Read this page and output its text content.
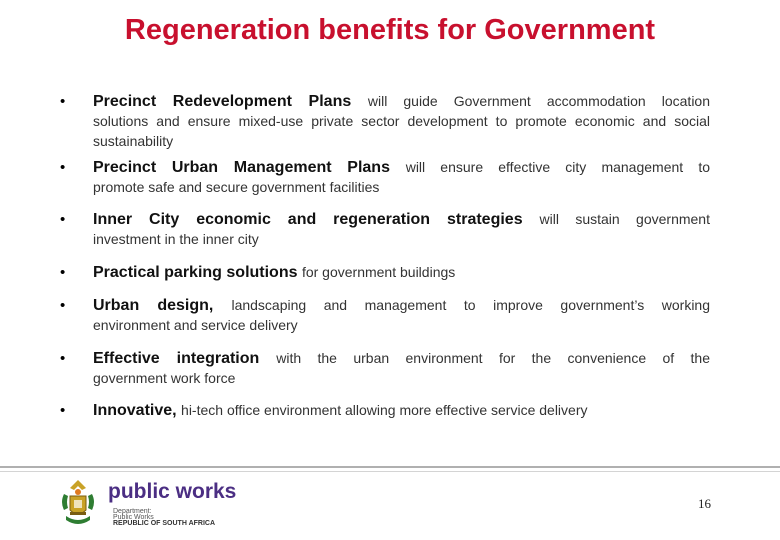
Regeneration benefits for Government
• Precinct Redevelopment Plans will guide Government accommodation location
solutions and ensure mixed-use private sector development to promote economic and social sustainability
• Precinct Urban Management Plans will ensure effective city management to
promote safe and secure government facilities
• Inner City economic and regeneration strategies will sustain government
investment in the inner city
• Practical parking solutions for government buildings
• Urban design, landscaping and management to improve government’s working
environment and service delivery
• Effective integration with the urban environment for the convenience of the
government work force
• Innovative, hi-tech office environment allowing more effective service delivery
public works
Department:
Public Works
REPUBLIC OF SOUTH AFRICA
16
